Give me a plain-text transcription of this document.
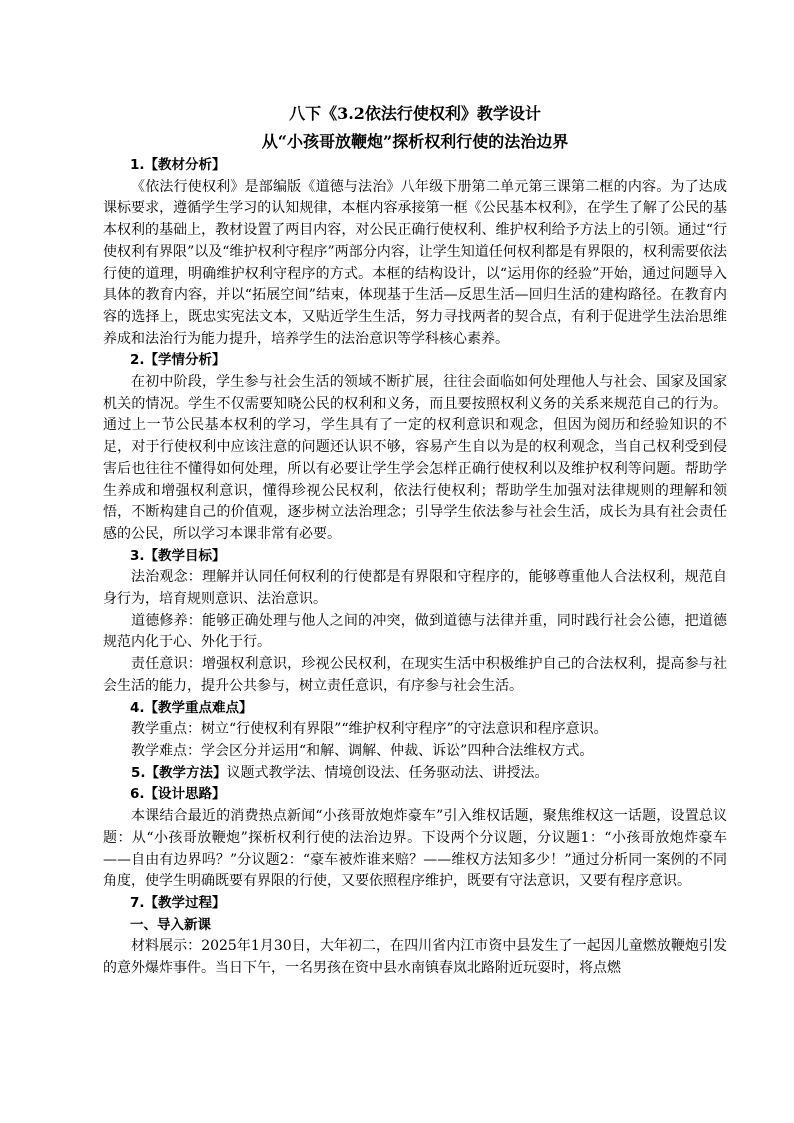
八下《3.2依法行使权利》教学设计
从“小孩哥放鞭炮”探析权利行使的法治边界
1.【教材分析】

《依法行使权利》是部编版《道德与法治》八年级下册第二单元第三课第二框的内容。为了达成课标要求，遵循学生学习的认知规律，本框内容承接第一框《公民基本权利》，在学生了解了公民的基本权利的基础上，教材设置了两目内容，对公民正确行使权利、维护权利给予方法上的引领。通过“行使权利有界限”以及“维护权利守程序”两部分内容，让学生知道任何权利都是有界限的，权利需要依法行使的道理，明确维护权利守程序的方式。本框的结构设计，以“运用你的经验”开始，通过问题导入具体的教育内容，并以“拓展空间”结束，体现基于生活—反思生活—回归生活的建构路径。在教育内容的选择上，既忠实宪法文本，又贴近学生生活，努力寻找两者的契合点，有利于促进学生法治思维养成和法治行为能力提升，培养学生的法治意识等学科核心素养。

2.【学情分析】

在初中阶段，学生参与社会生活的领域不断扩展，往往会面临如何处理他人与社会、国家及国家机关的情况。学生不仅需要知晓公民的权利和义务，而且要按照权利义务的关系来规范自己的行为。通过上一节公民基本权利的学习，学生具有了一定的权利意识和观念，但因为阅历和经验知识的不足，对于行使权利中应该注意的问题还认识不够，容易产生自以为是的权利观念，当自己权利受到侵害后也往往不懂得如何处理，所以有必要让学生学会怎样正确行使权利以及维护权利等问题。帮助学生养成和增强权利意识，懂得珍视公民权利，依法行使权利；帮助学生加强对法律规则的理解和领悟，不断构建自己的价值观，逐步树立法治理念；引导学生依法参与社会生活，成长为具有社会责任感的公民，所以学习本课非常有必要。

3.【教学目标】

法治观念：理解并认同任何权利的行使都是有界限和守程序的，能够尊重他人合法权利，规范自身行为，培育规则意识、法治意识。

道德修养：能够正确处理与他人之间的冲突，做到道德与法律并重，同时践行社会公德，把道德规范内化于心、外化于行。

责任意识：增强权利意识，珍视公民权利，在现实生活中积极维护自己的合法权利，提高参与社会生活的能力，提升公共参与，树立责任意识，有序参与社会生活。

4.【教学重点难点】

教学重点：树立“行使权利有界限”“维护权利守程序”的守法意识和程序意识。

教学难点：学会区分并运用“和解、调解、仲裁、诉讼”四种合法维权方式。

5.【教学方法】议题式教学法、情境创设法、任务驱动法、讲授法。

6.【设计思路】

本课结合最近的消费热点新闻“小孩哥放炮炸豪车”引入维权话题，聚焦维权这一话题，设置总议题：从“小孩哥放鞭炮”探析权利行使的法治边界。下设两个分议题，分议题1：“小孩哥放炮炸豪车——自由有边界吗？”分议题2：“豪车被炸谁来赔？——维权方法知多少！”通过分析同一案例的不同角度，使学生明确既要有界限的行使，又要依照程序维护，既要有守法意识，又要有程序意识。

7.【教学过程】
一、导入新课

材料展示：2025年1月30日，大年初二，在四川省内江市资中县发生了一起因儿童燃放鞭炮引发的意外爆炸事件。当日下午，一名男孩在资中县水南镇春岚北路附近玩耍时，将点燃
